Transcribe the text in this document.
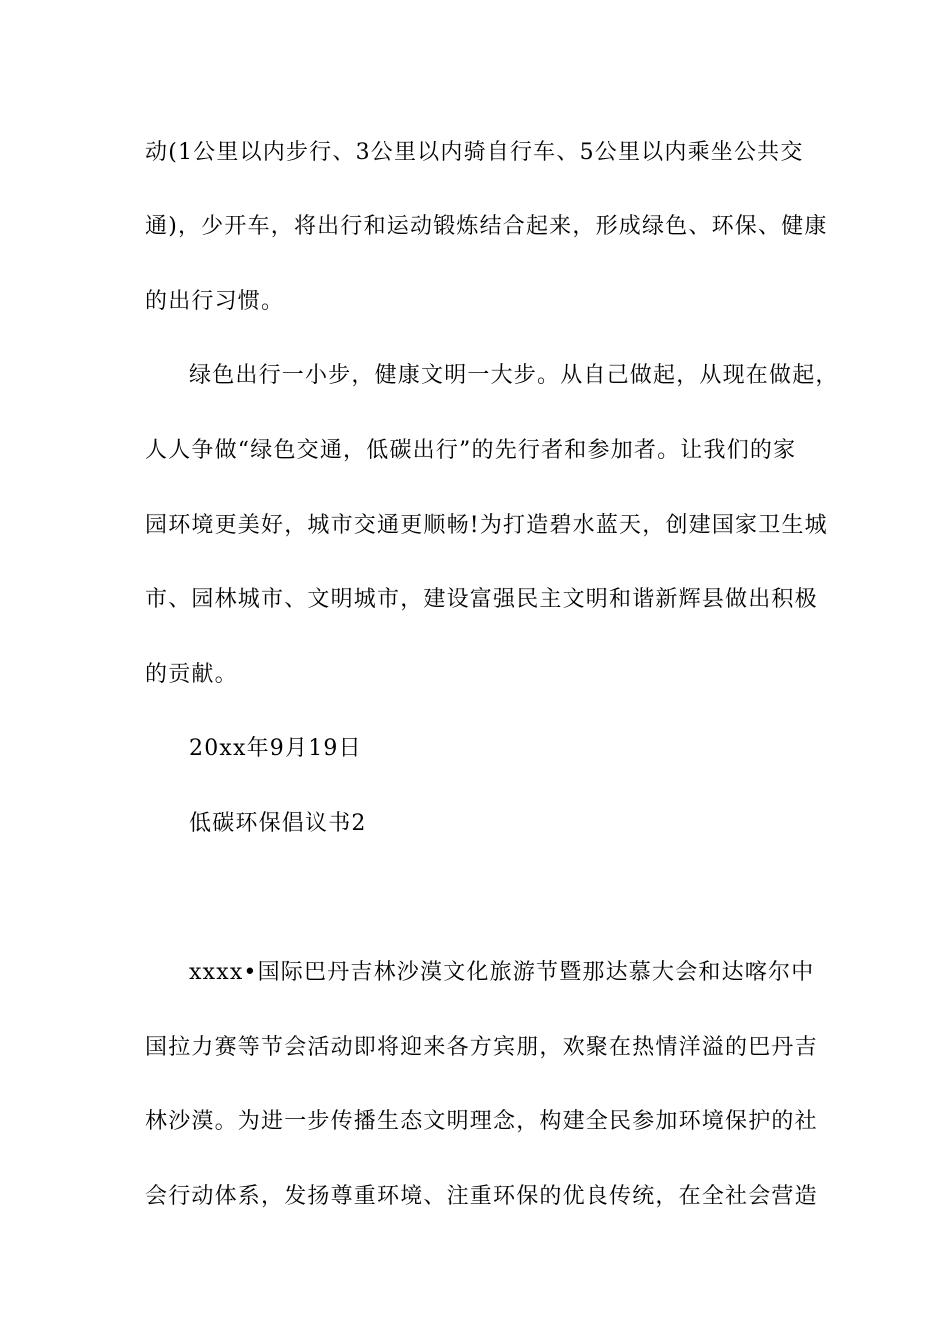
动(1公里以内步行、3公里以内骑自行车、5公里以内乘坐公共交
通)，少开车，将出行和运动锻炼结合起来，形成绿色、环保、健康
的出行习惯。
绿色出行一小步，健康文明一大步。从自己做起，从现在做起，
人人争做“绿色交通，低碳出行”的先行者和参加者。让我们的家
园环境更美好，城市交通更顺畅!为打造碧水蓝天，创建国家卫生城
市、园林城市、文明城市，建设富强民主文明和谐新辉县做出积极
的贡献。
20xx年9月19日
低碳环保倡议书2
xxxx•国际巴丹吉林沙漠文化旅游节暨那达慕大会和达喀尔中
国拉力赛等节会活动即将迎来各方宾朋，欢聚在热情洋溢的巴丹吉
林沙漠。为进一步传播生态文明理念，构建全民参加环境保护的社
会行动体系，发扬尊重环境、注重环保的优良传统，在全社会营造
